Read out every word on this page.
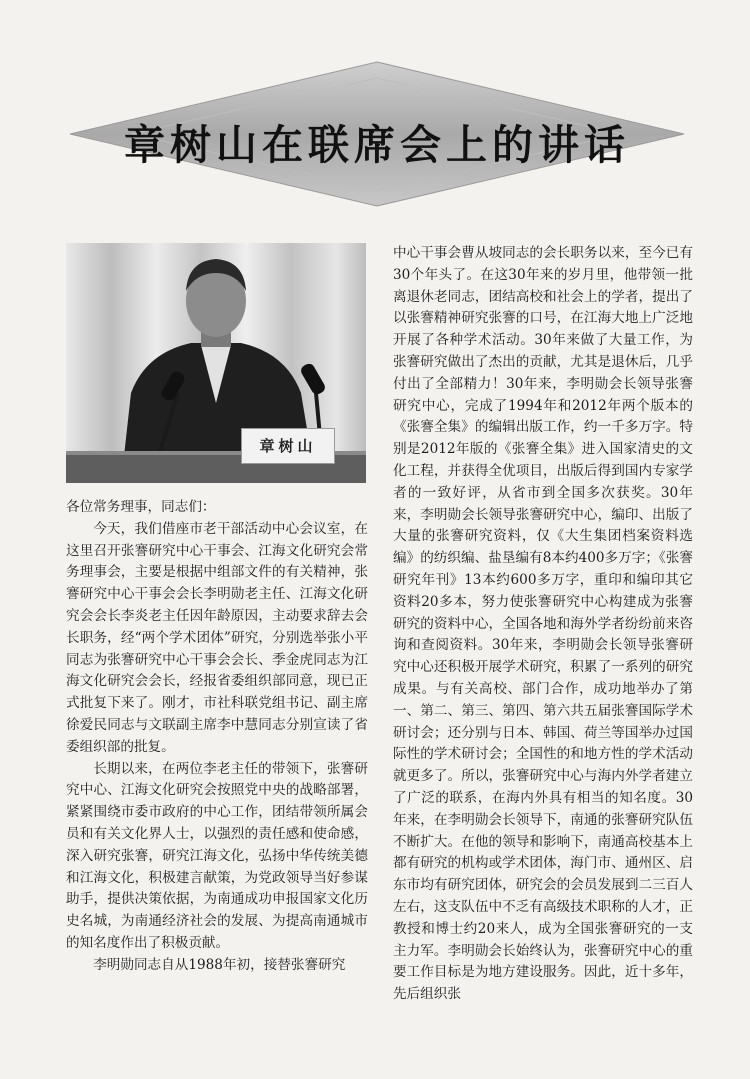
章树山在联席会上的讲话
章树山

各位常务理事，同志们：

今天，我们借座市老干部活动中心会议室，在这里召开张謇研究中心干事会、江海文化研究会常务理事会，主要是根据中组部文件的有关精神，张謇研究中心干事会会长李明勋老主任、江海文化研究会会长李炎老主任因年龄原因，主动要求辞去会长职务，经“两个学术团体”研究，分别选举张小平同志为张謇研究中心干事会会长、季金虎同志为江海文化研究会会长，经报省委组织部同意，现已正式批复下来了。刚才，市社科联党组书记、副主席徐爱民同志与文联副主席李中慧同志分别宣读了省委组织部的批复。

长期以来，在两位李老主任的带领下，张謇研究中心、江海文化研究会按照党中央的战略部署，紧紧围绕市委市政府的中心工作，团结带领所属会员和有关文化界人士，以强烈的责任感和使命感，深入研究张謇，研究江海文化，弘扬中华传统美德和江海文化，积极建言献策，为党政领导当好参谋助手，提供决策依据，为南通成功申报国家文化历史名城，为南通经济社会的发展、为提高南通城市的知名度作出了积极贡献。

李明勋同志自从1988年初，接替张謇研究

中心干事会曹从坡同志的会长职务以来，至今已有30个年头了。在这30年来的岁月里，他带领一批离退休老同志，团结高校和社会上的学者，提出了以张謇精神研究张謇的口号，在江海大地上广泛地开展了各种学术活动。30年来做了大量工作，为张謇研究做出了杰出的贡献，尤其是退休后，几乎付出了全部精力！30年来，李明勋会长领导张謇研究中心，完成了1994年和2012年两个版本的《张謇全集》的编辑出版工作，约一千多万字。特别是2012年版的《张謇全集》进入国家清史的文化工程，并获得全优项目，出版后得到国内专家学者的一致好评，从省市到全国多次获奖。30年来，李明勋会长领导张謇研究中心，编印、出版了大量的张謇研究资料，仅《大生集团档案资料选编》的纺织编、盐垦编有8本约400多万字；《张謇研究年刊》13本约600多万字，重印和编印其它资料20多本，努力使张謇研究中心构建成为张謇研究的资料中心，全国各地和海外学者纷纷前来咨询和查阅资料。30年来，李明勋会长领导张謇研究中心还积极开展学术研究，积累了一系列的研究成果。与有关高校、部门合作，成功地举办了第一、第二、第三、第四、第六共五届张謇国际学术研讨会；还分别与日本、韩国、荷兰等国举办过国际性的学术研讨会；全国性的和地方性的学术活动就更多了。所以，张謇研究中心与海内外学者建立了广泛的联系，在海内外具有相当的知名度。30年来，在李明勋会长领导下，南通的张謇研究队伍不断扩大。在他的领导和影响下，南通高校基本上都有研究的机构或学术团体，海门市、通州区、启东市均有研究团体，研究会的会员发展到二三百人左右，这支队伍中不乏有高级技术职称的人才，正教授和博士约20来人，成为全国张謇研究的一支主力军。李明勋会长始终认为，张謇研究中心的重要工作目标是为地方建设服务。因此，近十多年，先后组织张
